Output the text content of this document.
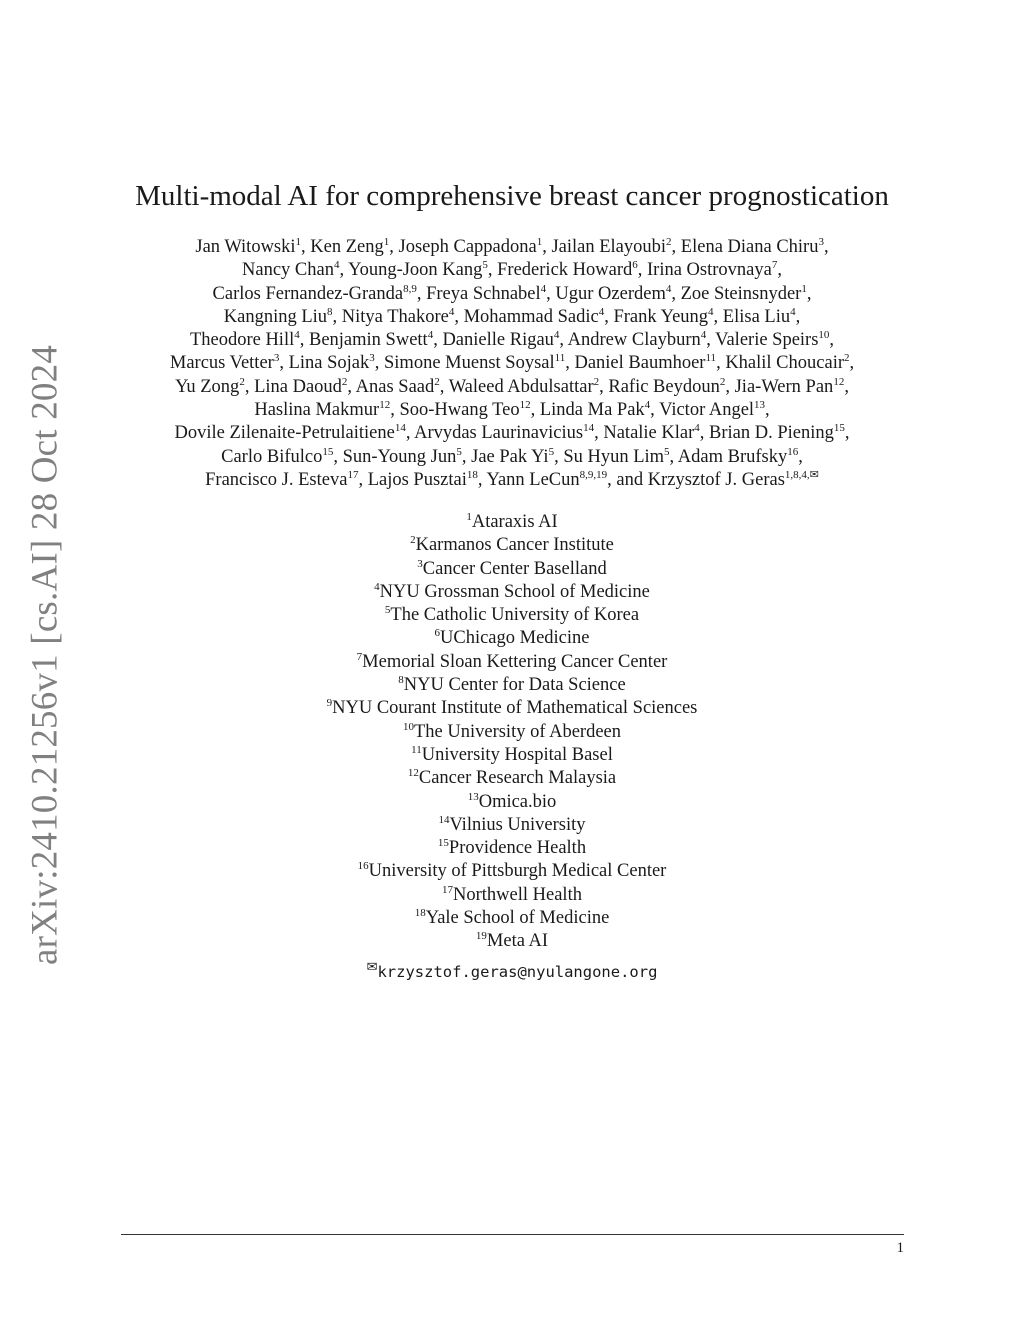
arXiv:2410.21256v1 [cs.AI] 28 Oct 2024
Multi-modal AI for comprehensive breast cancer prognostication
Jan Witowski$^1$, Ken Zeng$^1$, Joseph Cappadona$^1$, Jailan Elayoubi$^2$, Elena Diana Chiru$^3$,
Nancy Chan$^4$, Young-Joon Kang$^5$, Frederick Howard$^6$, Irina Ostrovnaya$^7$,
Carlos Fernandez-Granda$^{8,9}$, Freya Schnabel$^4$, Ugur Ozerdem$^4$, Zoe Steinsnyder$^1$,
Kangning Liu$^8$, Nitya Thakore$^4$, Mohammad Sadic$^4$, Frank Yeung$^4$, Elisa Liu$^4$,
Theodore Hill$^4$, Benjamin Swett$^4$, Danielle Rigau$^4$, Andrew Clayburn$^4$, Valerie Speirs$^{10}$,
Marcus Vetter$^3$, Lina Sojak$^3$, Simone Muenst Soysal$^{11}$, Daniel Baumhoer$^{11}$, Khalil Choucair$^2$,
Yu Zong$^2$, Lina Daoud$^2$, Anas Saad$^2$, Waleed Abdulsattar$^2$, Rafic Beydoun$^2$, Jia-Wern Pan$^{12}$,
Haslina Makmur$^{12}$, Soo-Hwang Teo$^{12}$, Linda Ma Pak$^4$, Victor Angel$^{13}$,
Dovile Zilenaite-Petrulaitiene$^{14}$, Arvydas Laurinavicius$^{14}$, Natalie Klar$^4$, Brian D. Piening$^{15}$,
Carlo Bifulco$^{15}$, Sun-Young Jun$^5$, Jae Pak Yi$^5$, Su Hyun Lim$^5$, Adam Brufsky$^{16}$,
Francisco J. Esteva$^{17}$, Lajos Pusztai$^{18}$, Yann LeCun$^{8,9,19}$, and Krzysztof J. Geras$^{1,8,4,✉}$
$^1$Ataraxis AI
$^2$Karmanos Cancer Institute
$^3$Cancer Center Baselland
$^4$NYU Grossman School of Medicine
$^5$The Catholic University of Korea
$^6$UChicago Medicine
$^7$Memorial Sloan Kettering Cancer Center
$^8$NYU Center for Data Science
$^9$NYU Courant Institute of Mathematical Sciences
$^{10}$The University of Aberdeen
$^{11}$University Hospital Basel
$^{12}$Cancer Research Malaysia
$^{13}$Omica.bio
$^{14}$Vilnius University
$^{15}$Providence Health
$^{16}$University of Pittsburgh Medical Center
$^{17}$Northwell Health
$^{18}$Yale School of Medicine
$^{19}$Meta AI
✉krzysztof.geras@nyulangone.org
1
